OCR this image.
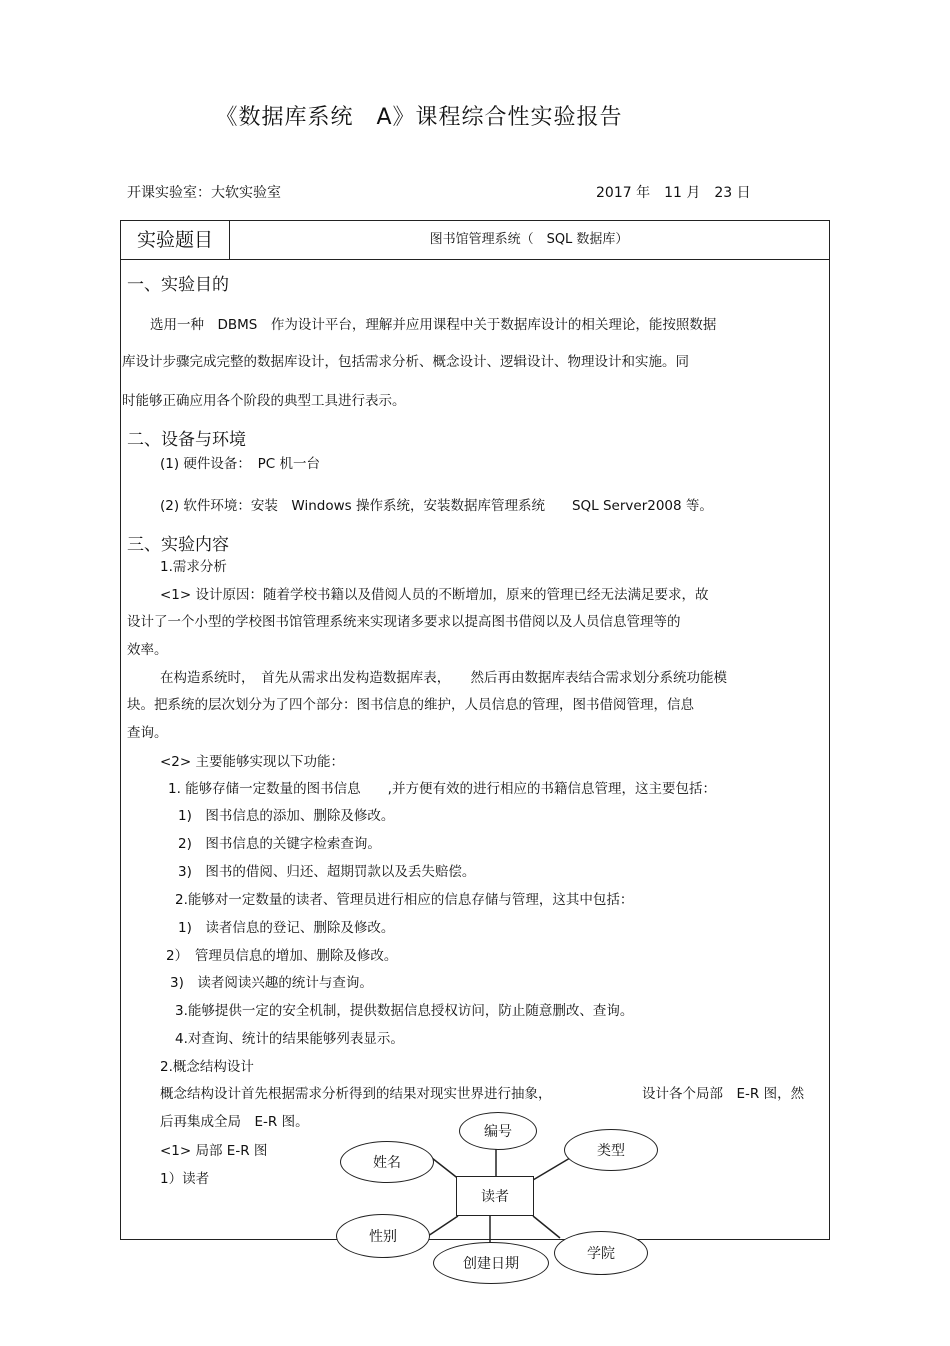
《数据库系统　A》课程综合性实验报告
开课实验室：大软实验室	2017 年　11 月　23 日
实验题目	图书馆管理系统（　SQL 数据库）
一、实验目的
选用一种　DBMS　作为设计平台，理解并应用课程中关于数据库设计的相关理论，能按照数据
库设计步骤完成完整的数据库设计，包括需求分析、概念设计、逻辑设计、物理设计和实施。同
时能够正确应用各个阶段的典型工具进行表示。
二、设备与环境
(1) 硬件设备：　PC 机一台
(2) 软件环境：安装　Windows 操作系统，安装数据库管理系统　　SQL Server2008 等。
三、实验内容
1.需求分析
<1> 设计原因：随着学校书籍以及借阅人员的不断增加，原来的管理已经无法满足要求，故
设计了一个小型的学校图书馆管理系统来实现诸多要求以提高图书借阅以及人员信息管理等的
效率。
在构造系统时，　首先从需求出发构造数据库表，　　然后再由数据库表结合需求划分系统功能模
块。把系统的层次划分为了四个部分：图书信息的维护，人员信息的管理，图书借阅管理，信息
查询。
<2> 主要能够实现以下功能：
1. 能够存储一定数量的图书信息　　,并方便有效的进行相应的书籍信息管理，这主要包括：
1)　图书信息的添加、删除及修改。
2)　图书信息的关键字检索查询。
3)　图书的借阅、归还、超期罚款以及丢失赔偿。
2.能够对一定数量的读者、管理员进行相应的信息存储与管理，这其中包括：
1)　读者信息的登记、删除及修改。
2）　管理员信息的增加、删除及修改。
3)　读者阅读兴趣的统计与查询。
3.能够提供一定的安全机制，提供数据信息授权访问，防止随意删改、查询。
4.对查询、统计的结果能够列表显示。
2.概念结构设计
概念结构设计首先根据需求分析得到的结果对现实世界进行抽象，	设计各个局部　E-R 图，然
后再集成全局　E-R 图。
<1> 局部 E-R 图
1）读者
读者
编号
姓名
类型
性别
创建日期
学院
